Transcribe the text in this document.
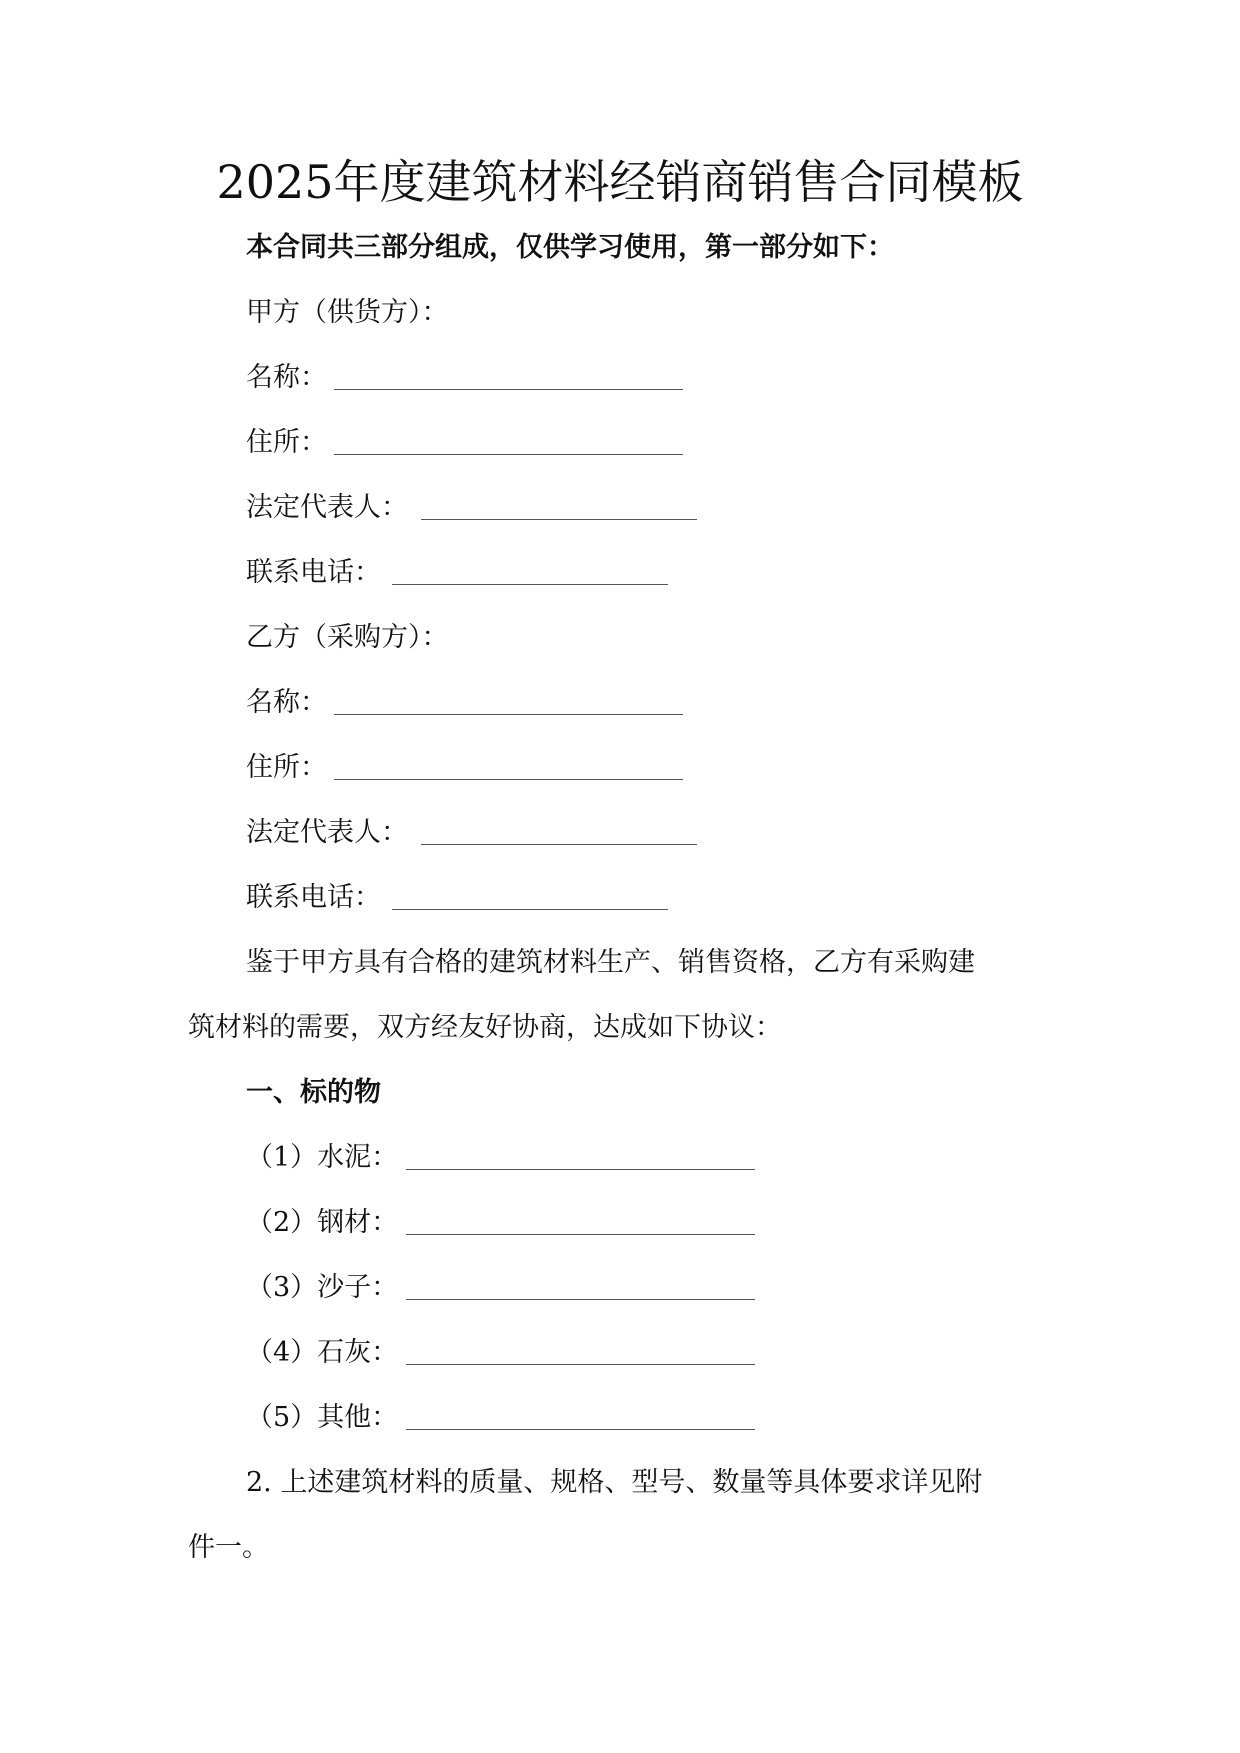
2025年度建筑材料经销商销售合同模板
本合同共三部分组成，仅供学习使用，第一部分如下：
甲方（供货方）：
名称：
住所：
法定代表人：
联系电话：
乙方（采购方）：
名称：
住所：
法定代表人：
联系电话：
鉴于甲方具有合格的建筑材料生产、销售资格，乙方有采购建
筑材料的需要，双方经友好协商，达成如下协议：
一、标的物
（1）水泥：
（2）钢材：
（3）沙子：
（4）石灰：
（5）其他：
2. 上述建筑材料的质量、规格、型号、数量等具体要求详见附
件一。
